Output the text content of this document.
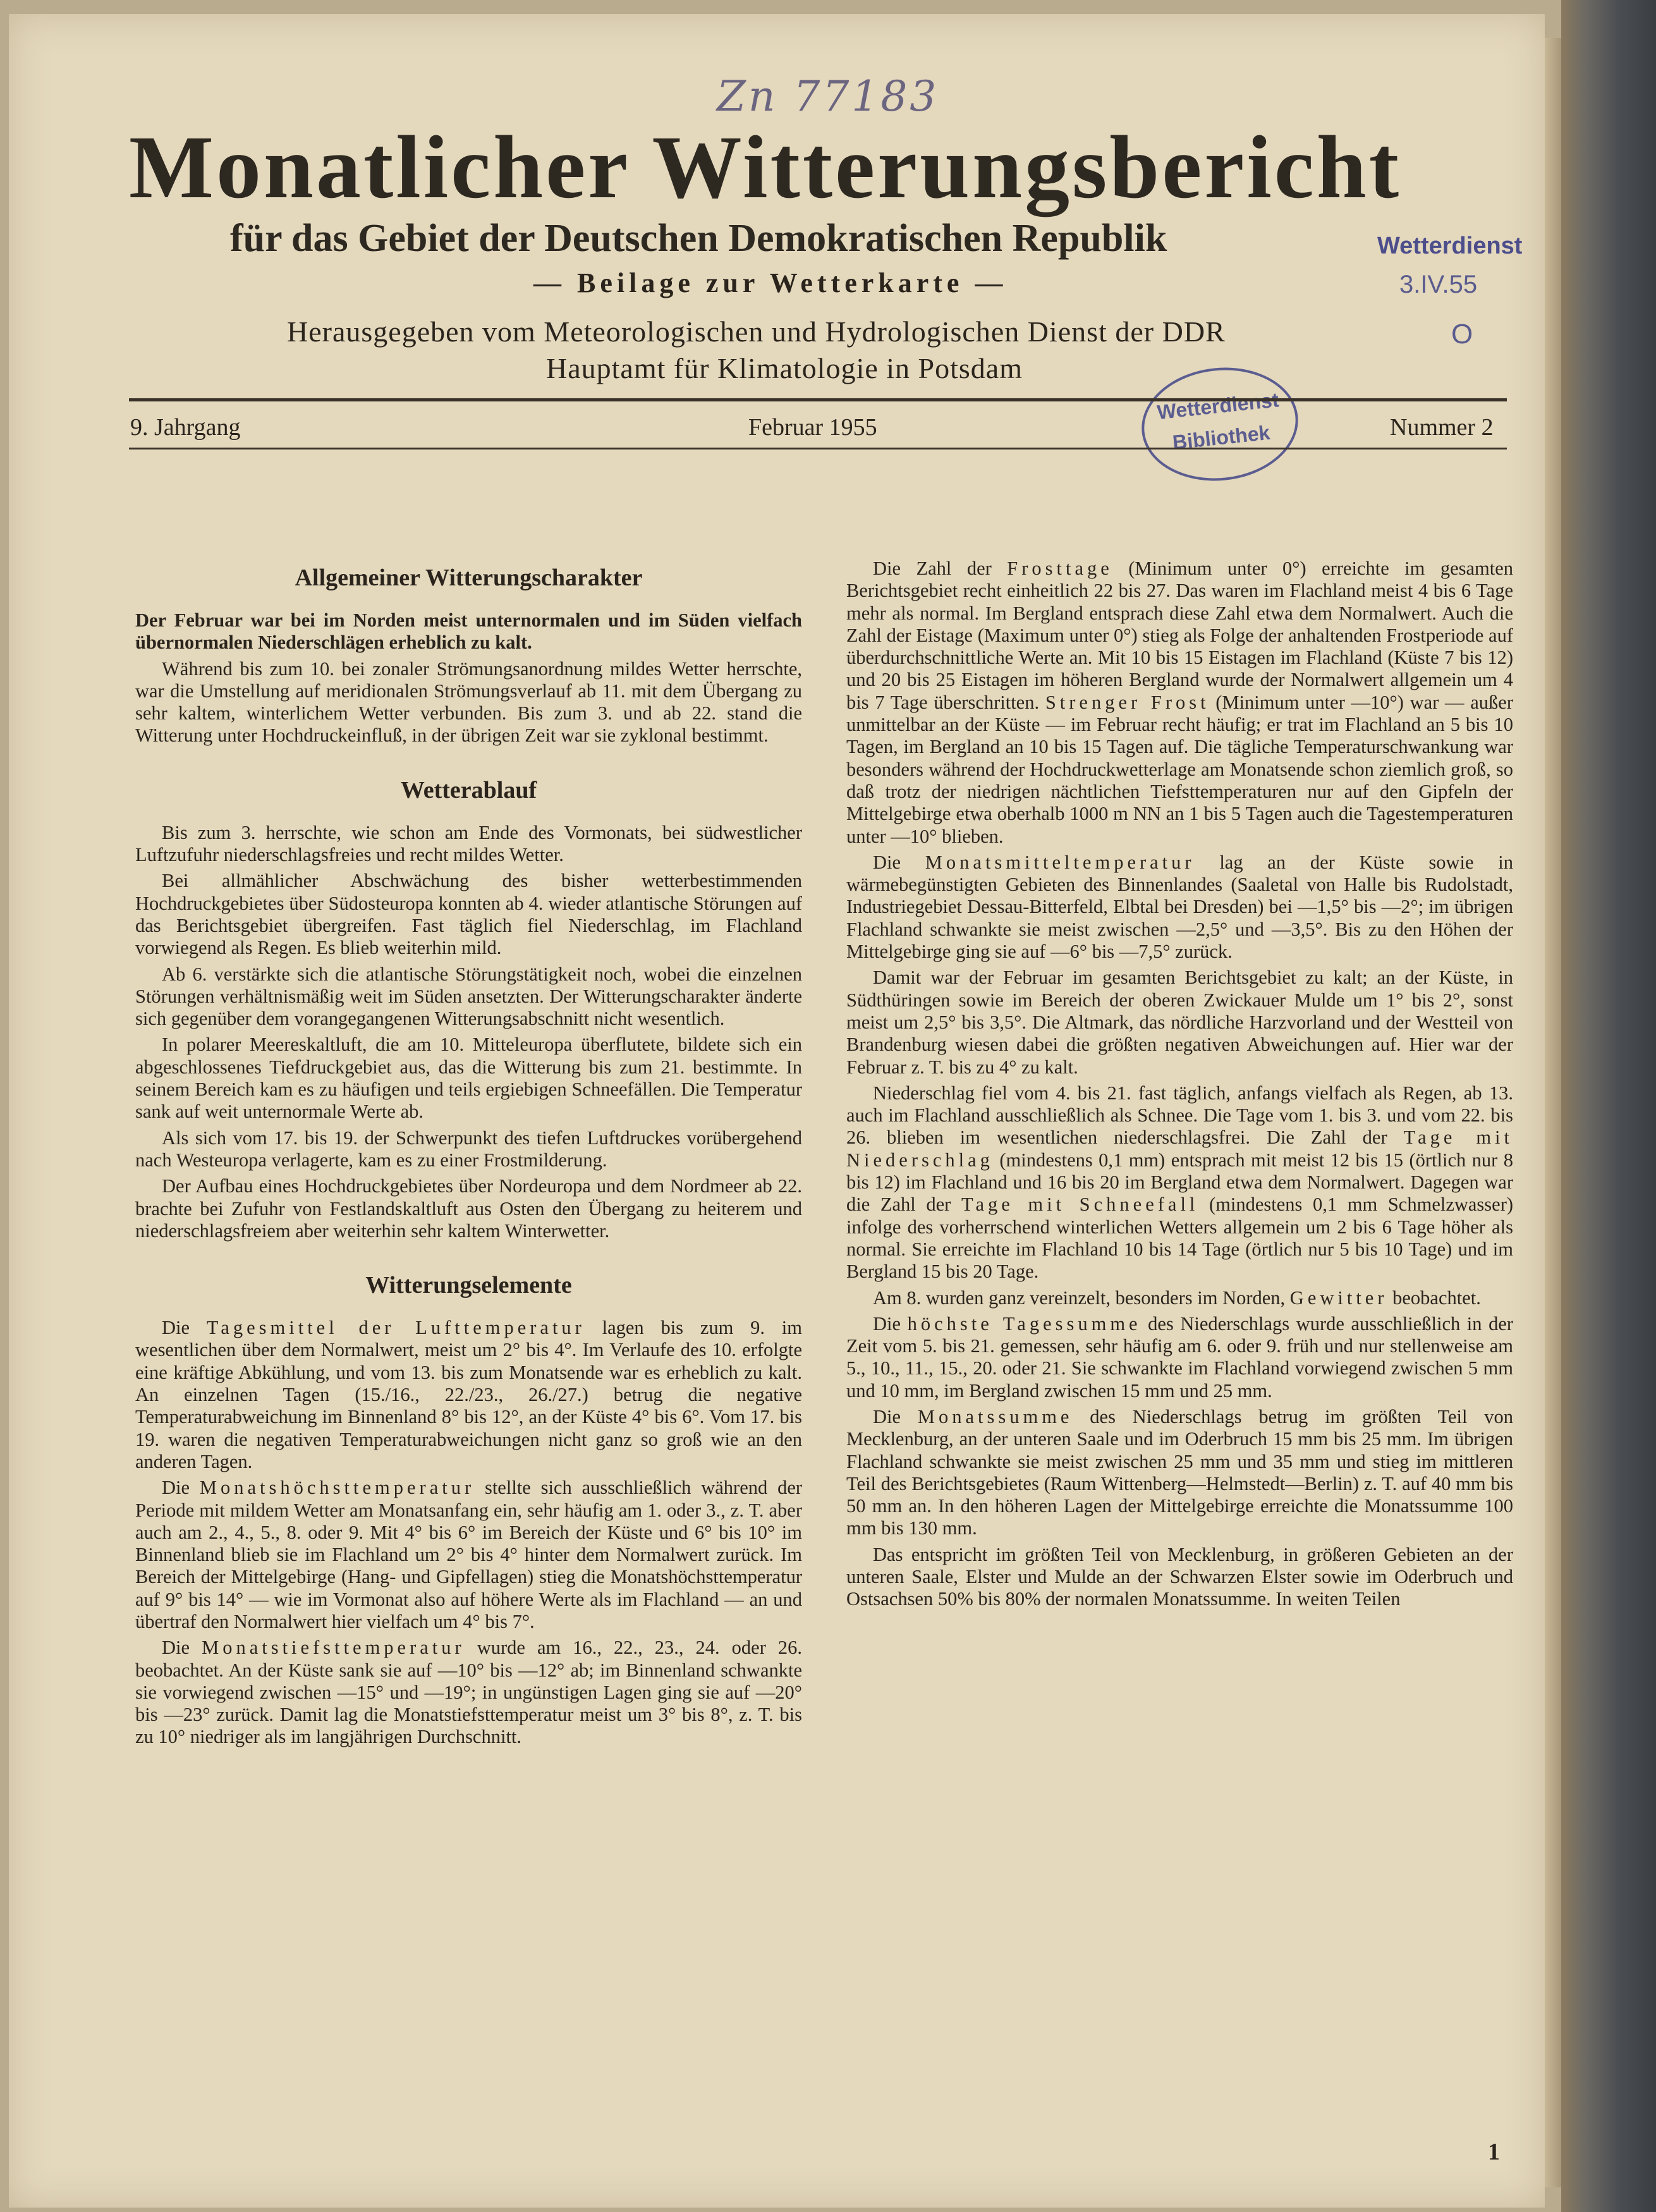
Zn 77183
Monatlicher Witterungsbericht
für das Gebiet der Deutschen Demokratischen Republik
— Beilage zur Wetterkarte —
Herausgegeben vom Meteorologischen und Hydrologischen Dienst der DDR
Hauptamt für Klimatologie in Potsdam
Wetterdienst
3.IV.55
O
Wetterdienst
Bibliothek
9. Jahrgang	Februar 1955	Nummer 2
Allgemeiner Witterungscharakter

Der Februar war bei im Norden meist unternormalen und im Süden vielfach übernormalen Niederschlägen erheblich zu kalt.

Während bis zum 10. bei zonaler Strömungsanordnung mildes Wetter herrschte, war die Umstellung auf meridionalen Strömungsverlauf ab 11. mit dem Übergang zu sehr kaltem, winterlichem Wetter verbunden. Bis zum 3. und ab 22. stand die Witterung unter Hochdruckeinfluß, in der übrigen Zeit war sie zyklonal bestimmt.

Wetterablauf

Bis zum 3. herrschte, wie schon am Ende des Vormonats, bei südwestlicher Luftzufuhr niederschlagsfreies und recht mildes Wetter.

Bei allmählicher Abschwächung des bisher wetterbestimmenden Hochdruckgebietes über Südosteuropa konnten ab 4. wieder atlantische Störungen auf das Berichtsgebiet übergreifen. Fast täglich fiel Niederschlag, im Flachland vorwiegend als Regen. Es blieb weiterhin mild.

Ab 6. verstärkte sich die atlantische Störungstätigkeit noch, wobei die einzelnen Störungen verhältnismäßig weit im Süden ansetzten. Der Witterungscharakter änderte sich gegenüber dem vorangegangenen Witterungsabschnitt nicht wesentlich.

In polarer Meereskaltluft, die am 10. Mitteleuropa überflutete, bildete sich ein abgeschlossenes Tiefdruckgebiet aus, das die Witterung bis zum 21. bestimmte. In seinem Bereich kam es zu häufigen und teils ergiebigen Schneefällen. Die Temperatur sank auf weit unternormale Werte ab.

Als sich vom 17. bis 19. der Schwerpunkt des tiefen Luftdruckes vorübergehend nach Westeuropa verlagerte, kam es zu einer Frostmilderung.

Der Aufbau eines Hochdruckgebietes über Nordeuropa und dem Nordmeer ab 22. brachte bei Zufuhr von Festlandskaltluft aus Osten den Übergang zu heiterem und niederschlagsfreiem aber weiterhin sehr kaltem Winterwetter.

Witterungselemente

Die Tagesmittel der Lufttemperatur lagen bis zum 9. im wesentlichen über dem Normalwert, meist um 2° bis 4°. Im Verlaufe des 10. erfolgte eine kräftige Abkühlung, und vom 13. bis zum Monatsende war es erheblich zu kalt. An einzelnen Tagen (15./16., 22./23., 26./27.) betrug die negative Temperaturabweichung im Binnenland 8° bis 12°, an der Küste 4° bis 6°. Vom 17. bis 19. waren die negativen Temperaturabweichungen nicht ganz so groß wie an den anderen Tagen.

Die Monatshöchsttemperatur stellte sich ausschließlich während der Periode mit mildem Wetter am Monatsanfang ein, sehr häufig am 1. oder 3., z. T. aber auch am 2., 4., 5., 8. oder 9. Mit 4° bis 6° im Bereich der Küste und 6° bis 10° im Binnenland blieb sie im Flachland um 2° bis 4° hinter dem Normalwert zurück. Im Bereich der Mittelgebirge (Hang- und Gipfellagen) stieg die Monatshöchsttemperatur auf 9° bis 14° — wie im Vormonat also auf höhere Werte als im Flachland — an und übertraf den Normalwert hier vielfach um 4° bis 7°.

Die Monatstiefsttemperatur wurde am 16., 22., 23., 24. oder 26. beobachtet. An der Küste sank sie auf —10° bis —12° ab; im Binnenland schwankte sie vorwiegend zwischen —15° und —19°; in ungünstigen Lagen ging sie auf —20° bis —23° zurück. Damit lag die Monatstiefsttemperatur meist um 3° bis 8°, z. T. bis zu 10° niedriger als im langjährigen Durchschnitt.

Die Zahl der Frosttage (Minimum unter 0°) erreichte im gesamten Berichtsgebiet recht einheitlich 22 bis 27. Das waren im Flachland meist 4 bis 6 Tage mehr als normal. Im Bergland entsprach diese Zahl etwa dem Normalwert. Auch die Zahl der Eistage (Maximum unter 0°) stieg als Folge der anhaltenden Frostperiode auf überdurchschnittliche Werte an. Mit 10 bis 15 Eistagen im Flachland (Küste 7 bis 12) und 20 bis 25 Eistagen im höheren Bergland wurde der Normalwert allgemein um 4 bis 7 Tage überschritten. Strenger Frost (Minimum unter —10°) war — außer unmittelbar an der Küste — im Februar recht häufig; er trat im Flachland an 5 bis 10 Tagen, im Bergland an 10 bis 15 Tagen auf. Die tägliche Temperaturschwankung war besonders während der Hochdruckwetterlage am Monatsende schon ziemlich groß, so daß trotz der niedrigen nächtlichen Tiefsttemperaturen nur auf den Gipfeln der Mittelgebirge etwa oberhalb 1000 m NN an 1 bis 5 Tagen auch die Tagestemperaturen unter —10° blieben.

Die Monatsmitteltemperatur lag an der Küste sowie in wärmebegünstigten Gebieten des Binnenlandes (Saaletal von Halle bis Rudolstadt, Industriegebiet Dessau-Bitterfeld, Elbtal bei Dresden) bei —1,5° bis —2°; im übrigen Flachland schwankte sie meist zwischen —2,5° und —3,5°. Bis zu den Höhen der Mittelgebirge ging sie auf —6° bis —7,5° zurück.

Damit war der Februar im gesamten Berichtsgebiet zu kalt; an der Küste, in Südthüringen sowie im Bereich der oberen Zwickauer Mulde um 1° bis 2°, sonst meist um 2,5° bis 3,5°. Die Altmark, das nördliche Harzvorland und der Westteil von Brandenburg wiesen dabei die größten negativen Abweichungen auf. Hier war der Februar z. T. bis zu 4° zu kalt.

Niederschlag fiel vom 4. bis 21. fast täglich, anfangs vielfach als Regen, ab 13. auch im Flachland ausschließlich als Schnee. Die Tage vom 1. bis 3. und vom 22. bis 26. blieben im wesentlichen niederschlagsfrei. Die Zahl der Tage mit Niederschlag (mindestens 0,1 mm) entsprach mit meist 12 bis 15 (örtlich nur 8 bis 12) im Flachland und 16 bis 20 im Bergland etwa dem Normalwert. Dagegen war die Zahl der Tage mit Schneefall (mindestens 0,1 mm Schmelzwasser) infolge des vorherrschend winterlichen Wetters allgemein um 2 bis 6 Tage höher als normal. Sie erreichte im Flachland 10 bis 14 Tage (örtlich nur 5 bis 10 Tage) und im Bergland 15 bis 20 Tage.

Am 8. wurden ganz vereinzelt, besonders im Norden, Gewitter beobachtet.

Die höchste Tagessumme des Niederschlags wurde ausschließlich in der Zeit vom 5. bis 21. gemessen, sehr häufig am 6. oder 9. früh und nur stellenweise am 5., 10., 11., 15., 20. oder 21. Sie schwankte im Flachland vorwiegend zwischen 5 mm und 10 mm, im Bergland zwischen 15 mm und 25 mm.

Die Monatssumme des Niederschlags betrug im größten Teil von Mecklenburg, an der unteren Saale und im Oderbruch 15 mm bis 25 mm. Im übrigen Flachland schwankte sie meist zwischen 25 mm und 35 mm und stieg im mittleren Teil des Berichtsgebietes (Raum Wittenberg—Helmstedt—Berlin) z. T. auf 40 mm bis 50 mm an. In den höheren Lagen der Mittelgebirge erreichte die Monatssumme 100 mm bis 130 mm.

Das entspricht im größten Teil von Mecklenburg, in größeren Gebieten an der unteren Saale, Elster und Mulde an der Schwarzen Elster sowie im Oderbruch und Ostsachsen 50% bis 80% der normalen Monatssumme. In weiten Teilen

1
